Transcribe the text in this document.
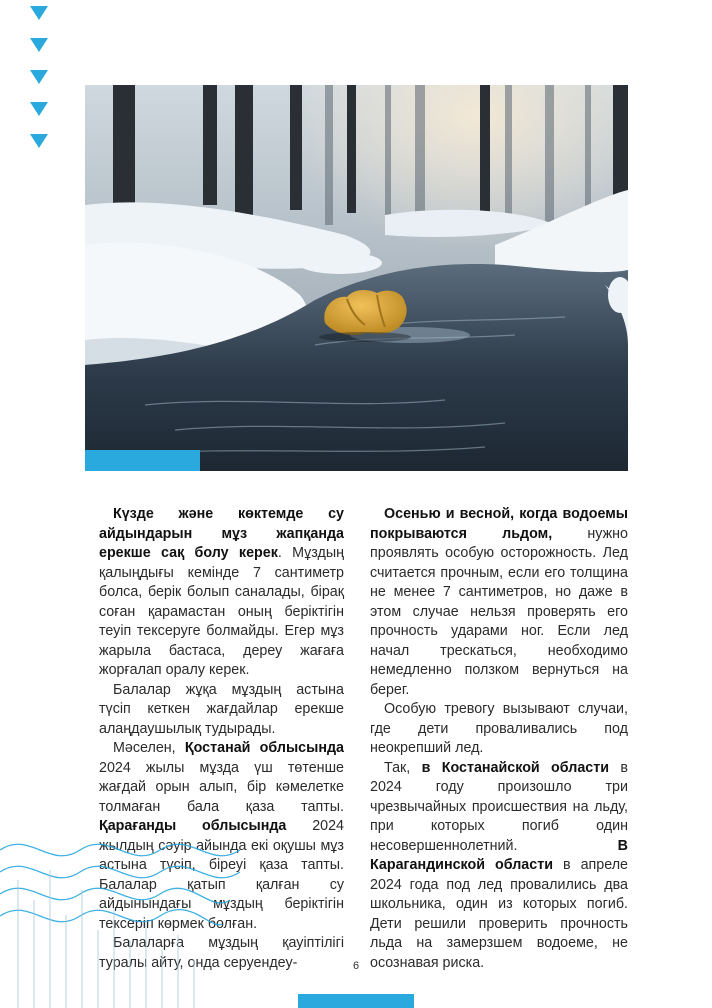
Күзде және көктемде су айдындарын мұз жапқанда ерекше сақ болу керек. Мұздың қалыңдығы кемінде 7 сантиметр болса, берік болып саналады, бірақ соған қарамастан оның беріктігін теуіп тексеруге болмайды. Егер мұз жарыла бастаса, дереу жағаға жорғалап оралу керек.

Балалар жұқа мұздың астына түсіп кеткен жағдайлар ерекше алаңдаушылық тудырады.

Мәселен, Қостанай облысында 2024 жылы мұзда үш төтенше жағдай орын алып, бір кәмелетке толмаған бала қаза тапты. Қарағанды облысында 2024 жылдың сәуір айында екі оқушы мұз астына түсіп, біреуі қаза тапты. Балалар қатып қалған су айдынындағы мұздың беріктігін тексеріп көрмек болған.

Балаларға мұздың қауіптілігі туралы айту, онда серуендеу-

Осенью и весной, когда водоемы покрываются льдом, нужно проявлять особую осторожность. Лед считается прочным, если его толщина не менее 7 сантиметров, но даже в этом случае нельзя проверять его прочность ударами ног. Если лед начал трескаться, необходимо немедленно ползком вернуться на берег.

Особую тревогу вызывают случаи, где дети проваливались под неокрепший лед.

Так, в Костанайской области в 2024 году произошло три чрезвычайных происшествия на льду, при которых погиб один несовершеннолетний. В Карагандинской области в апреле 2024 года под лед провалились два школьника, один из которых погиб. Дети решили проверить прочность льда на замерзшем водоеме, не осознавая риска.

6
